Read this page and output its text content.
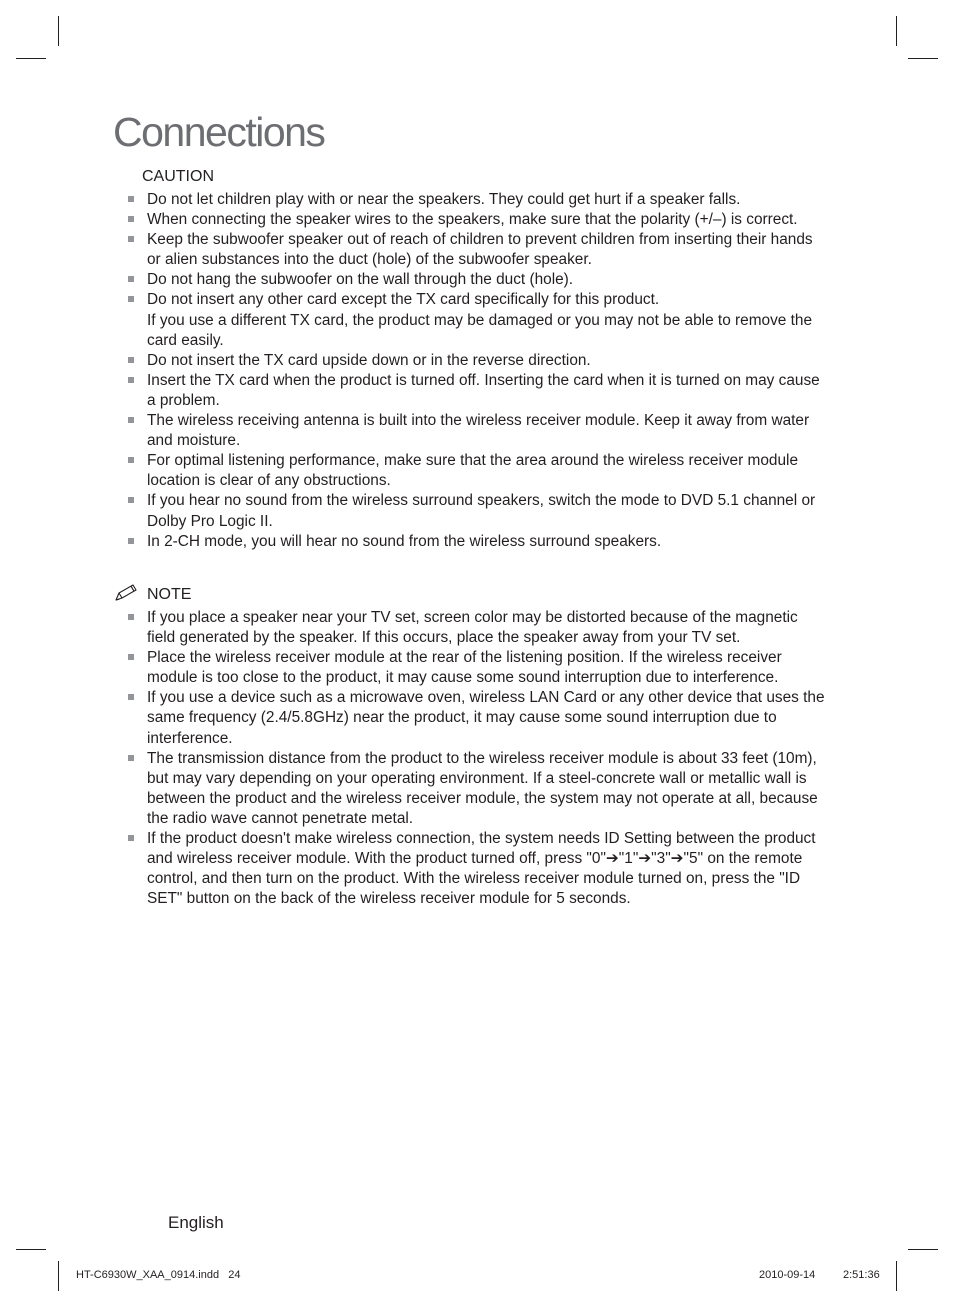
Connections
CAUTION
Do not let children play with or near the speakers. They could get hurt if a speaker falls.
When connecting the speaker wires to the speakers, make sure that the polarity (+/–) is correct.
Keep the subwoofer speaker out of reach of children to prevent children from inserting their hands or alien substances into the duct (hole) of the subwoofer speaker.
Do not hang the subwoofer on the wall through the duct (hole).
Do not insert any other card except the TX card specifically for this product.
If you use a different TX card, the product may be damaged or you may not be able to remove the card easily.
Do not insert the TX card upside down or in the reverse direction.
Insert the TX card when the product is turned off. Inserting the card when it is turned on may cause a problem.
The wireless receiving antenna is built into the wireless receiver module. Keep it away from water and moisture.
For optimal listening performance, make sure that the area around the wireless receiver module location is clear of any obstructions.
If you hear no sound from the wireless surround speakers, switch the mode to DVD 5.1 channel or Dolby Pro Logic II.
In 2-CH mode, you will hear no sound from the wireless surround speakers.
NOTE
If you place a speaker near your TV set, screen color may be distorted because of the magnetic field generated by the speaker. If this occurs, place the speaker away from your TV set.
Place the wireless receiver module at the rear of the listening position. If the wireless receiver module is too close to the product, it may cause some sound interruption due to interference.
If you use a device such as a microwave oven, wireless LAN Card or any other device that uses the same frequency (2.4/5.8GHz) near the product, it may cause some sound interruption due to interference.
The transmission distance from the product to the wireless receiver module is about 33 feet (10m), but may vary depending on your operating environment. If a steel-concrete wall or metallic wall is between the product and the wireless receiver module, the system may not operate at all, because the radio wave cannot penetrate metal.
If the product doesn't make wireless connection, the system needs ID Setting between the product and wireless receiver module. With the product turned off, press "0"➔"1"➔"3"➔"5" on the remote control, and then turn on the product. With the wireless receiver module turned on, press the "ID SET" button on the back of the wireless receiver module for 5 seconds.
English
HT-C6930W_XAA_0914.indd   24	2010-09-14	2:51:36
